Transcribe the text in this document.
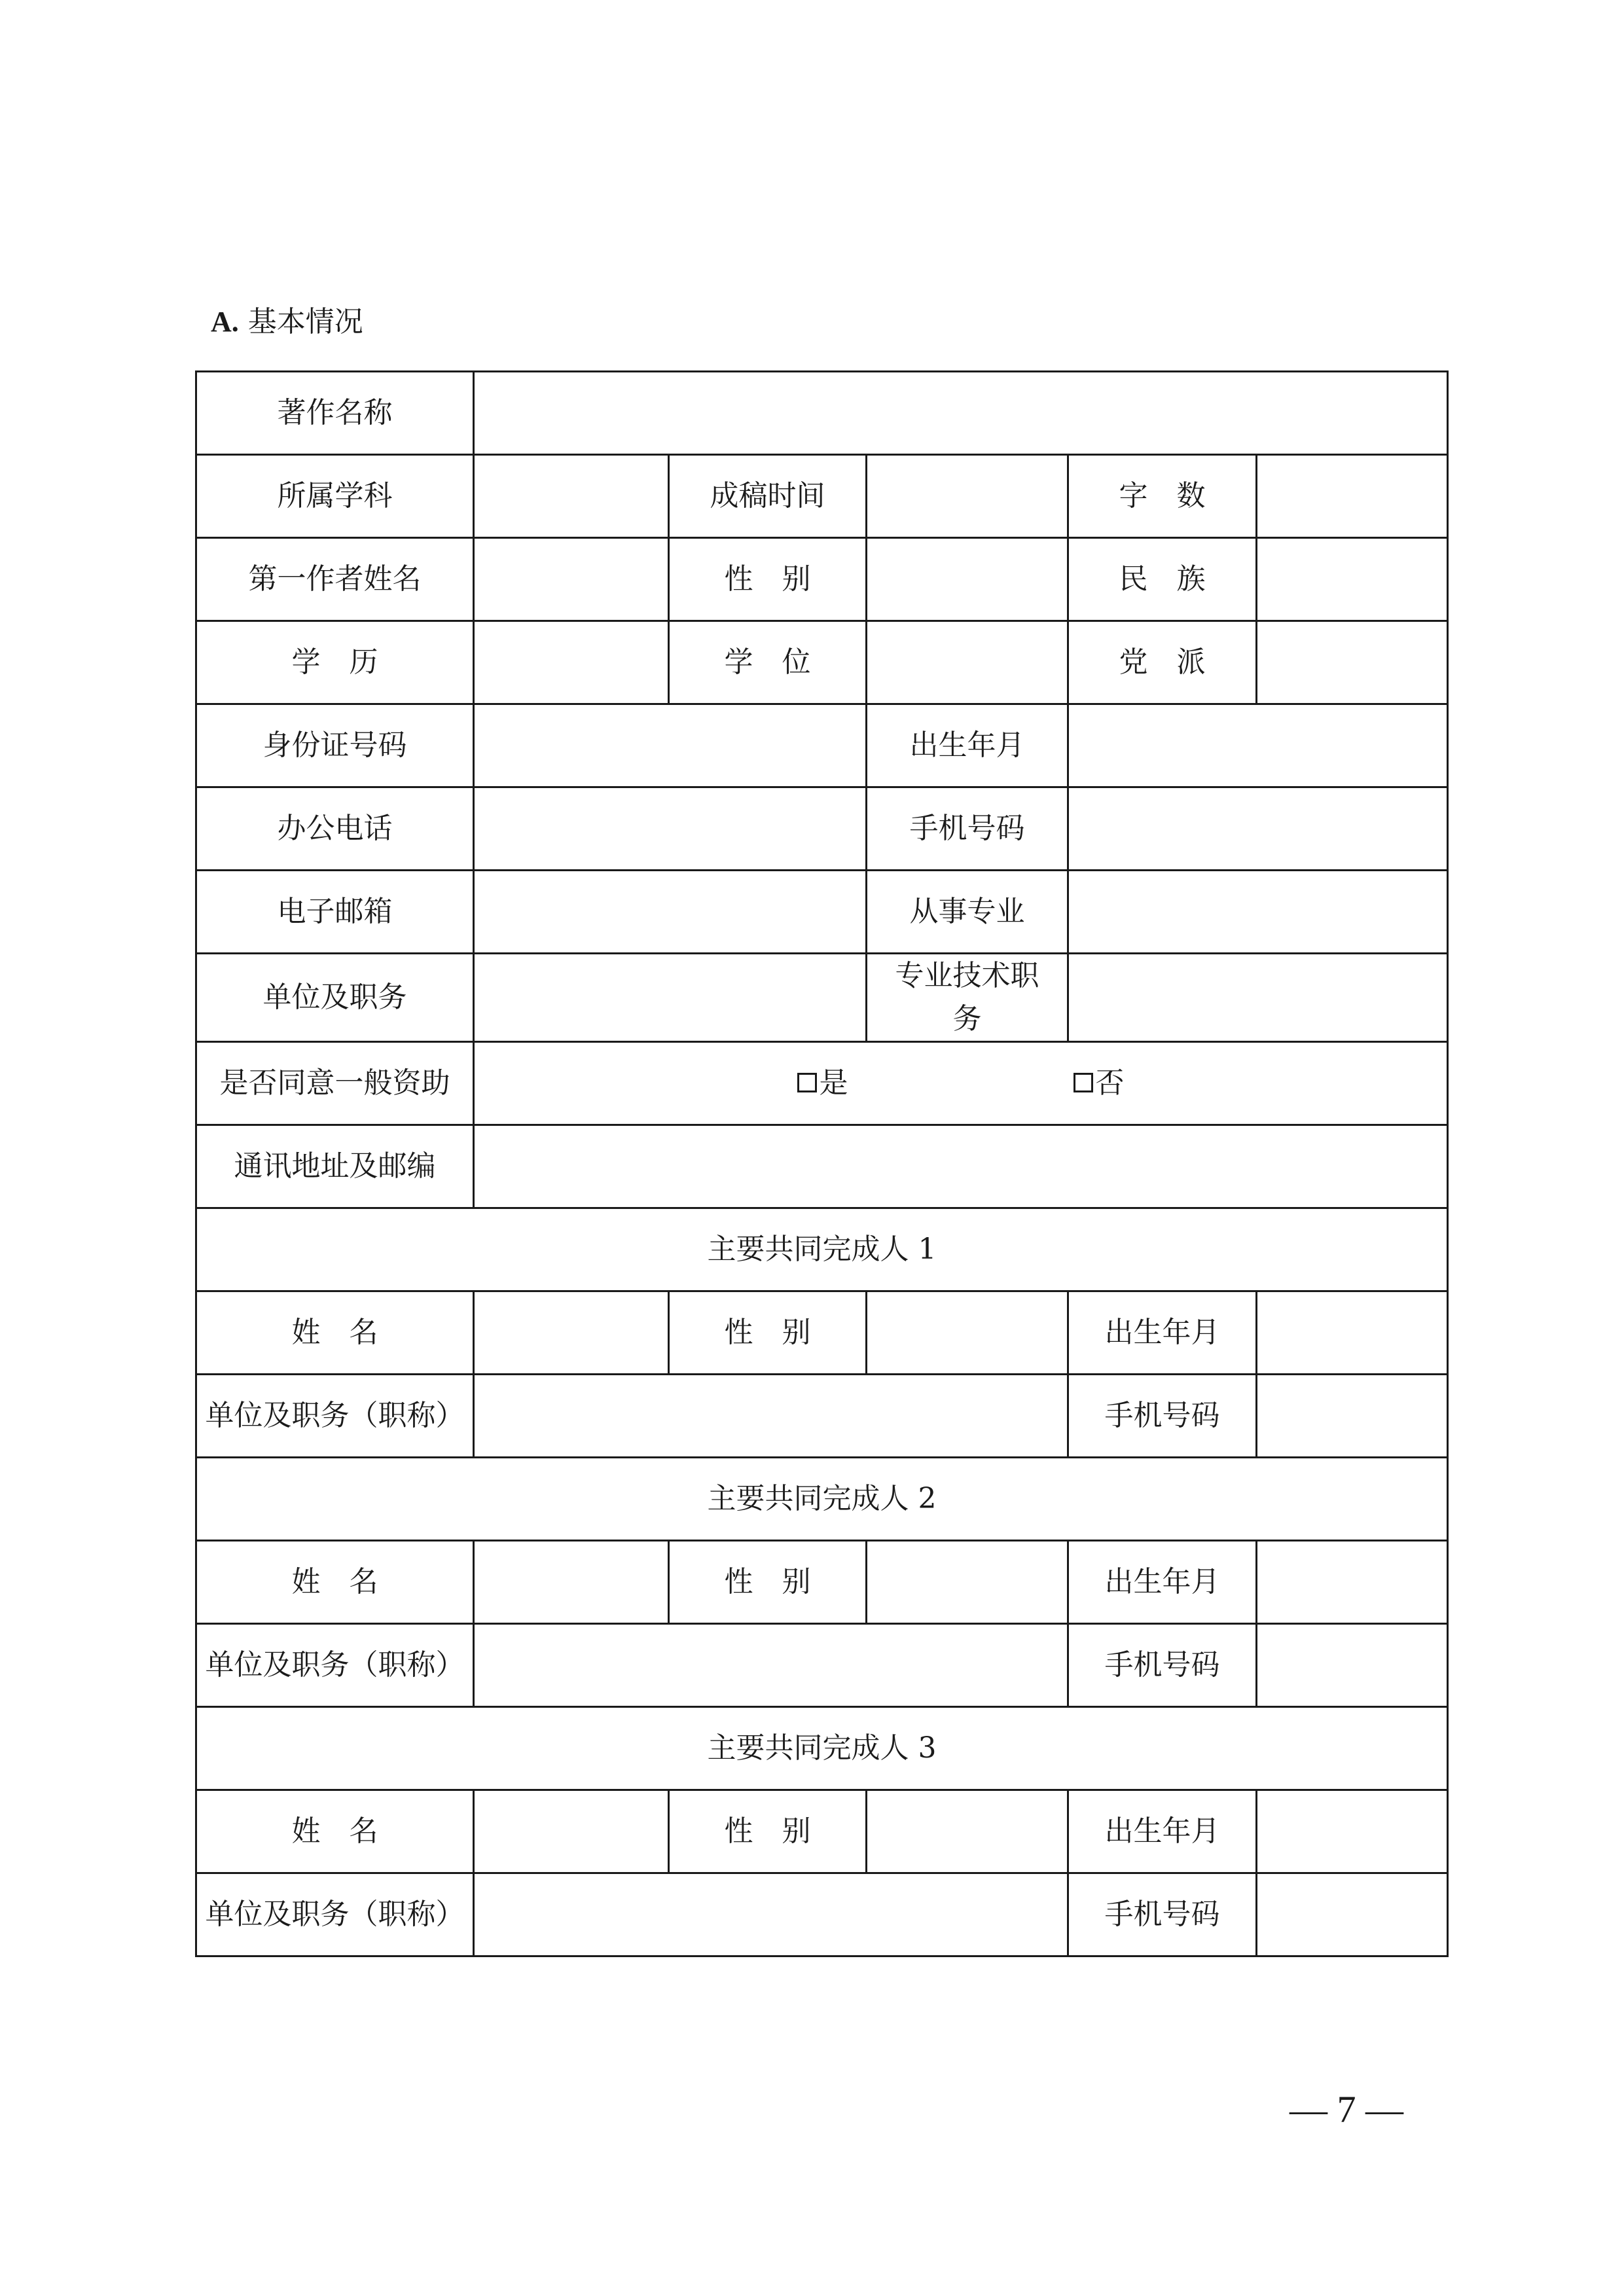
A. 基本情况
著作名称					
所属学科		成稿时间		字　数	
第一作者姓名		性　别		民　族	
学　历		学　位		党　派	
身份证号码			出生年月		
办公电话			手机号码		
电子邮箱			从事专业		
单位及职务			专业技术职务		
是否同意一般资助	是 否				
通讯地址及邮编					
主要共同完成人 1					
姓　名		性　别		出生年月	
单位及职务（职称）				手机号码	
主要共同完成人 2					
姓　名		性　别		出生年月	
单位及职务（职称）				手机号码	
主要共同完成人 3					
姓　名		性　别		出生年月	
单位及职务（职称）				手机号码	
— 7 —
